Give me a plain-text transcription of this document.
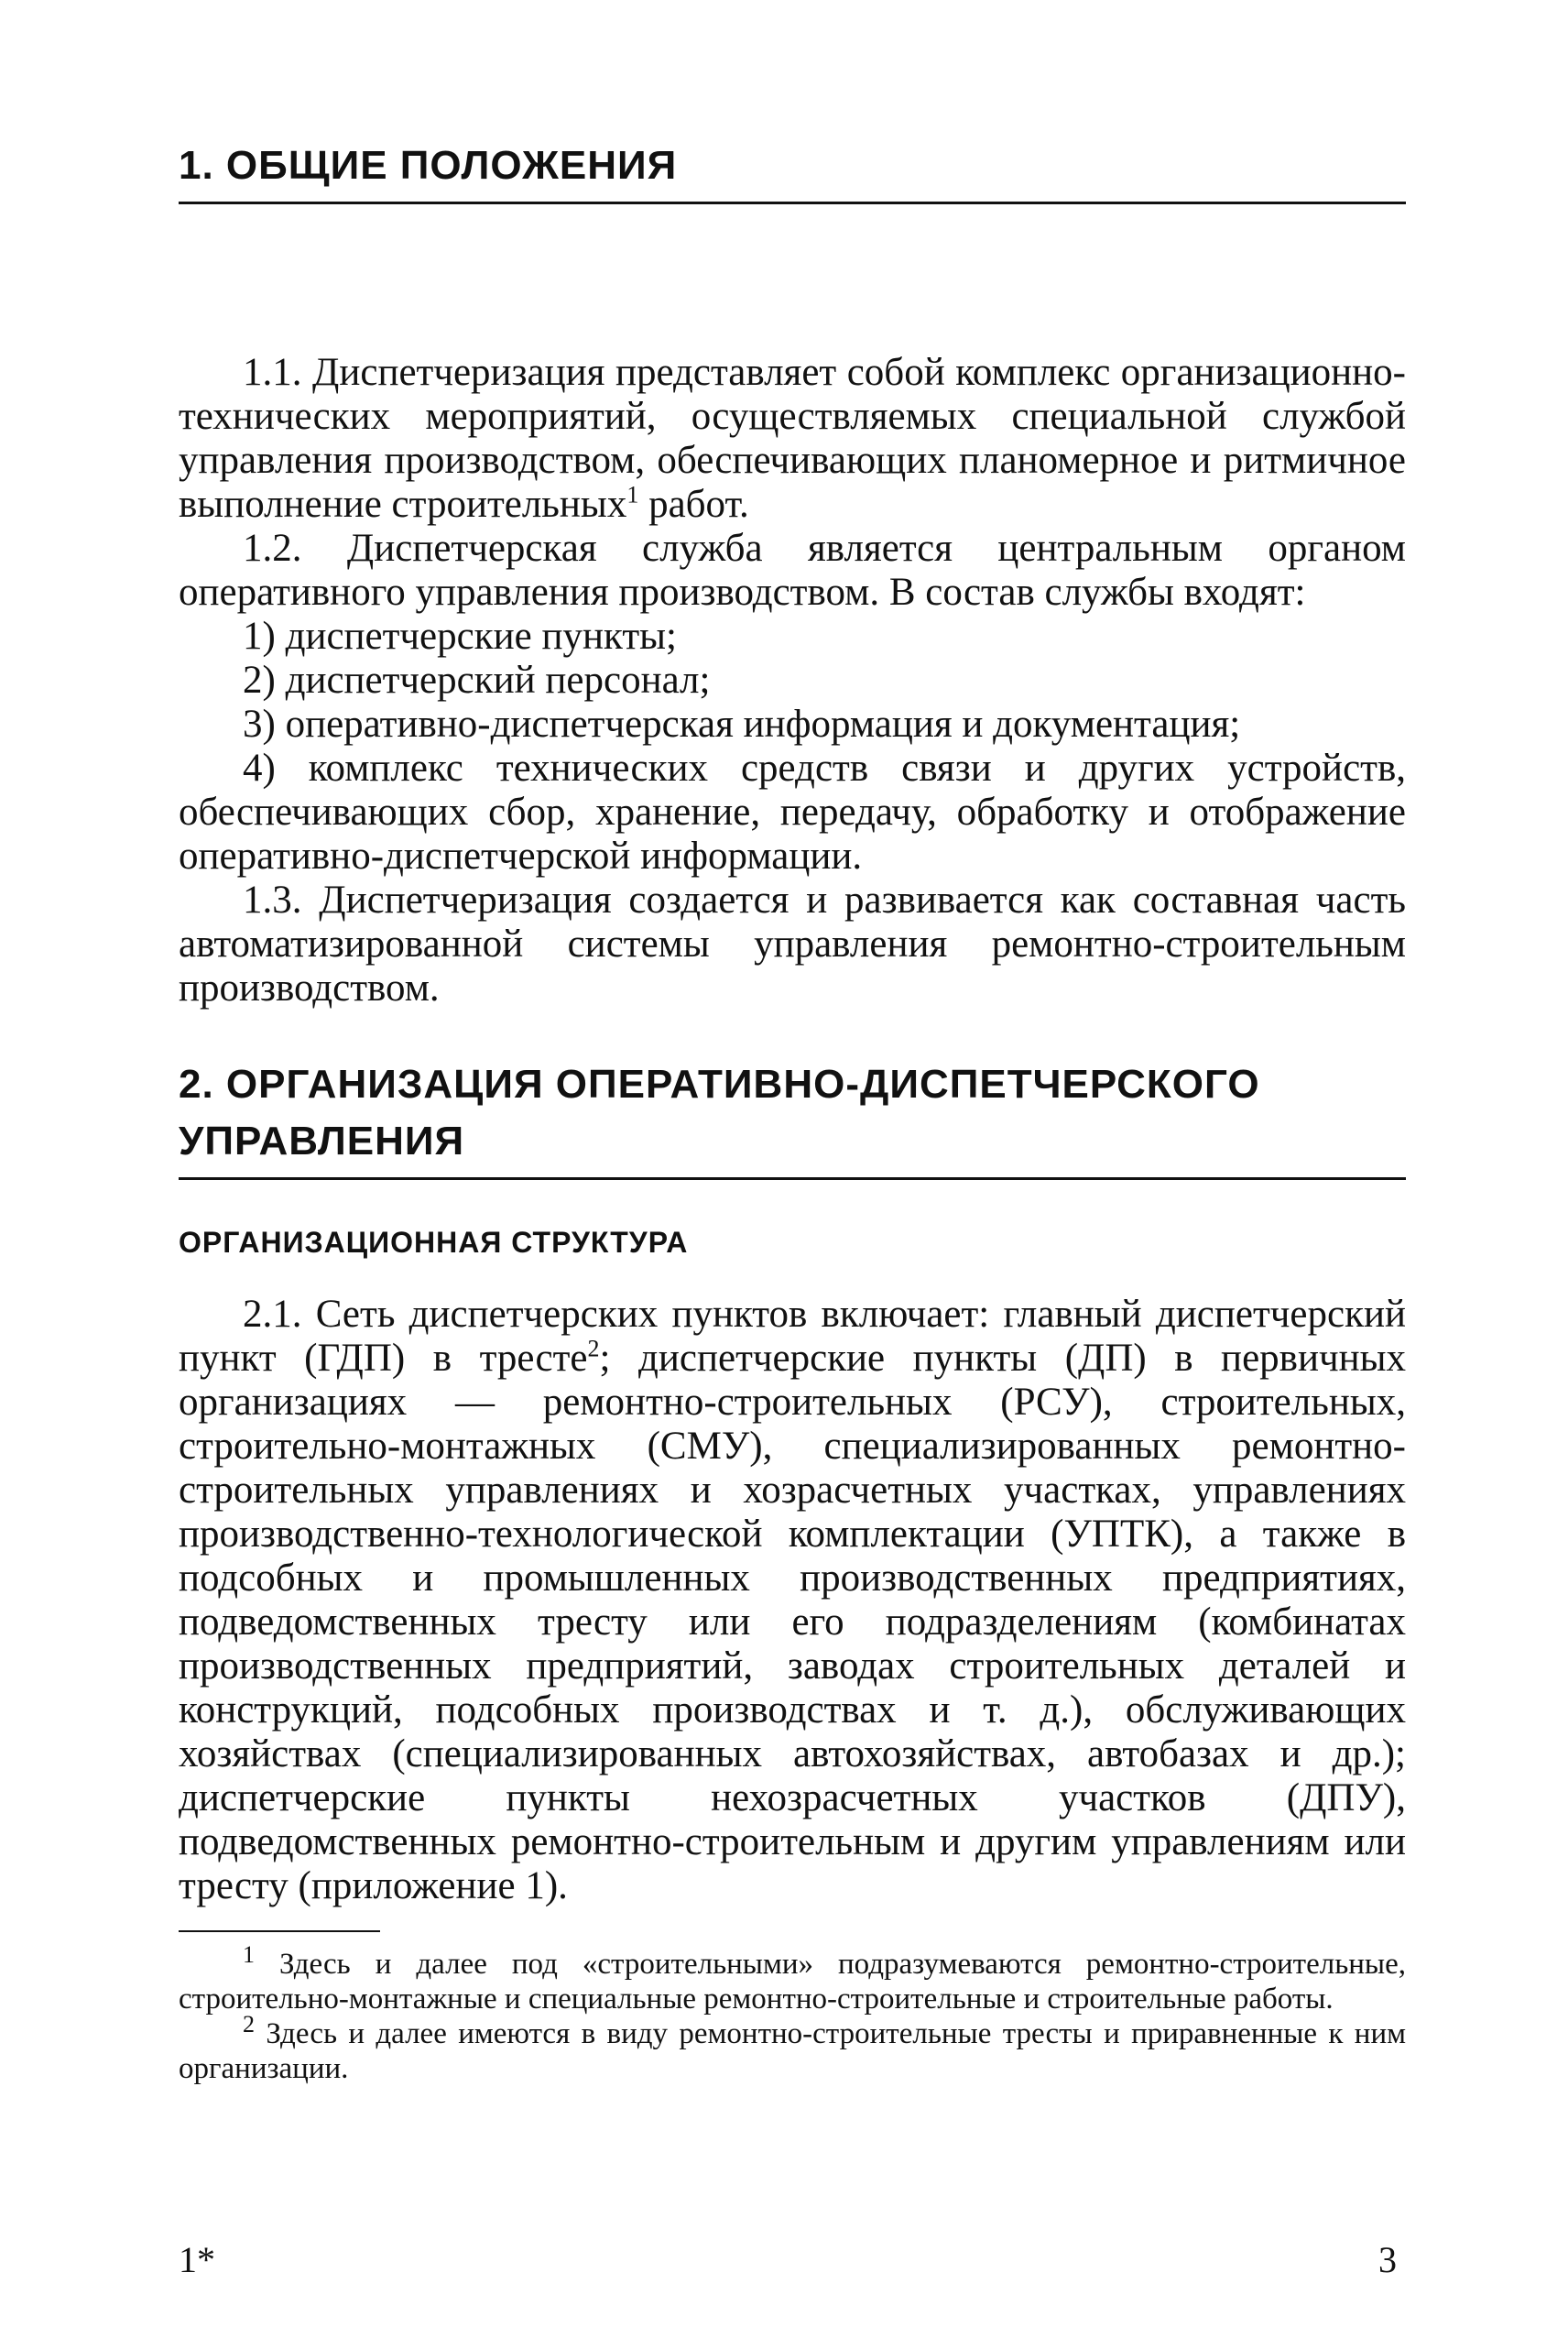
1. ОБЩИЕ ПОЛОЖЕНИЯ

1.1. Диспетчеризация представляет собой комплекс организационно-технических мероприятий, осуществляемых специальной службой управления производством, обеспечивающих планомерное и ритмичное выполнение строительных$^1$ работ.

1.2. Диспетчерская служба является центральным органом оперативного управления производством. В состав службы входят:

1) диспетчерские пункты;

2) диспетчерский персонал;

3) оперативно-диспетчерская информация и документация;

4) комплекс технических средств связи и других устройств, обеспечивающих сбор, хранение, передачу, обработку и отображение оперативно-диспетчерской информации.

1.3. Диспетчеризация создается и развивается как составная часть автоматизированной системы управления ремонтно-строительным производством.

2. ОРГАНИЗАЦИЯ ОПЕРАТИВНО-ДИСПЕТЧЕРСКОГО УПРАВЛЕНИЯ
ОРГАНИЗАЦИОННАЯ СТРУКТУРА

2.1. Сеть диспетчерских пунктов включает: главный диспетчерский пункт (ГДП) в тресте$^2$; диспетчерские пункты (ДП) в первичных организациях — ремонтно-строительных (РСУ), строительных, строительно-монтажных (СМУ), специализированных ремонтно-строительных управлениях и хозрасчетных участках, управлениях производственно-технологической комплектации (УПТК), а также в подсобных и промышленных производственных предприятиях, подведомственных тресту или его подразделениям (комбинатах производственных предприятий, заводах строительных деталей и конструкций, подсобных производствах и т. д.), обслуживающих хозяйствах (специализированных автохозяйствах, автобазах и др.); диспетчерские пункты нехозрасчетных участков (ДПУ), подведомственных ремонтно-строительным и другим управлениям или тресту (приложение 1).

$^1$ Здесь и далее под «строительными» подразумеваются ремонтно-строительные, строительно-монтажные и специальные ремонтно-строительные и строительные работы.

$^2$ Здесь и далее имеются в виду ремонтно-строительные тресты и приравненные к ним организации.

1*	3
